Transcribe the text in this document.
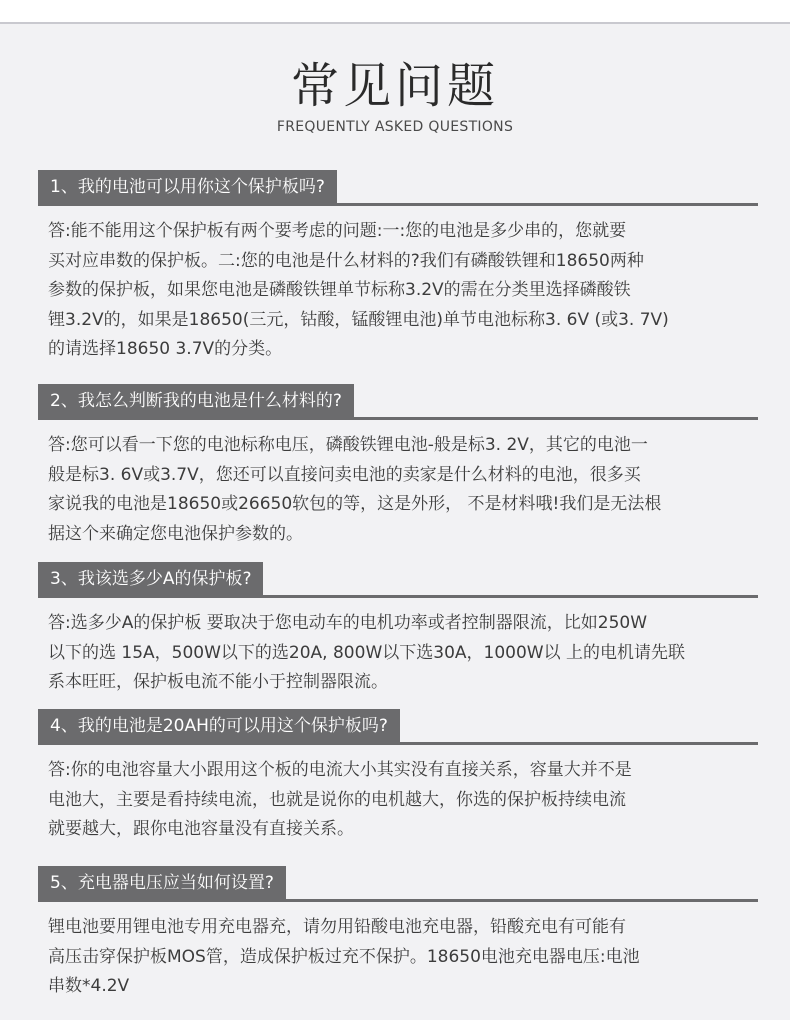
常见问题
FREQUENTLY ASKED QUESTIONS
1、我的电池可以用你这个保护板吗?
答:能不能用这个保护板有两个要考虑的问题:一:您的电池是多少串的，您就要
买对应串数的保护板。二:您的电池是什么材料的?我们有磷酸铁锂和18650两种
参数的保护板，如果您电池是磷酸铁锂单节标称3.2V的需在分类里选择磷酸铁
锂3.2V的，如果是18650(三元，钴酸，锰酸锂电池)单节电池标称3. 6V (或3. 7V)
的请选择18650 3.7V的分类。
2、我怎么判断我的电池是什么材料的?
答:您可以看一下您的电池标称电压，磷酸铁锂电池-般是标3. 2V，其它的电池一
般是标3. 6V或3.7V，您还可以直接问卖电池的卖家是什么材料的电池，很多买
家说我的电池是18650或26650软包的等，这是外形， 不是材料哦!我们是无法根
据这个来确定您电池保护参数的。
3、我该选多少A的保护板?
答:选多少A的保护板 要取决于您电动车的电机功率或者控制器限流，比如250W
以下的选 15A，500W以下的选20A, 800W以下选30A，1000W以 上的电机请先联
系本旺旺，保护板电流不能小于控制器限流。
4、我的电池是20AH的可以用这个保护板吗?
答:你的电池容量大小跟用这个板的电流大小其实没有直接关系，容量大并不是
电池大，主要是看持续电流，也就是说你的电机越大，你选的保护板持续电流
就要越大，跟你电池容量没有直接关系。
5、充电器电压应当如何设置?
锂电池要用锂电池专用充电器充，请勿用铅酸电池充电器，铅酸充电有可能有
高压击穿保护板MOS管，造成保护板过充不保护。18650电池充电器电压:电池
串数*4.2V
